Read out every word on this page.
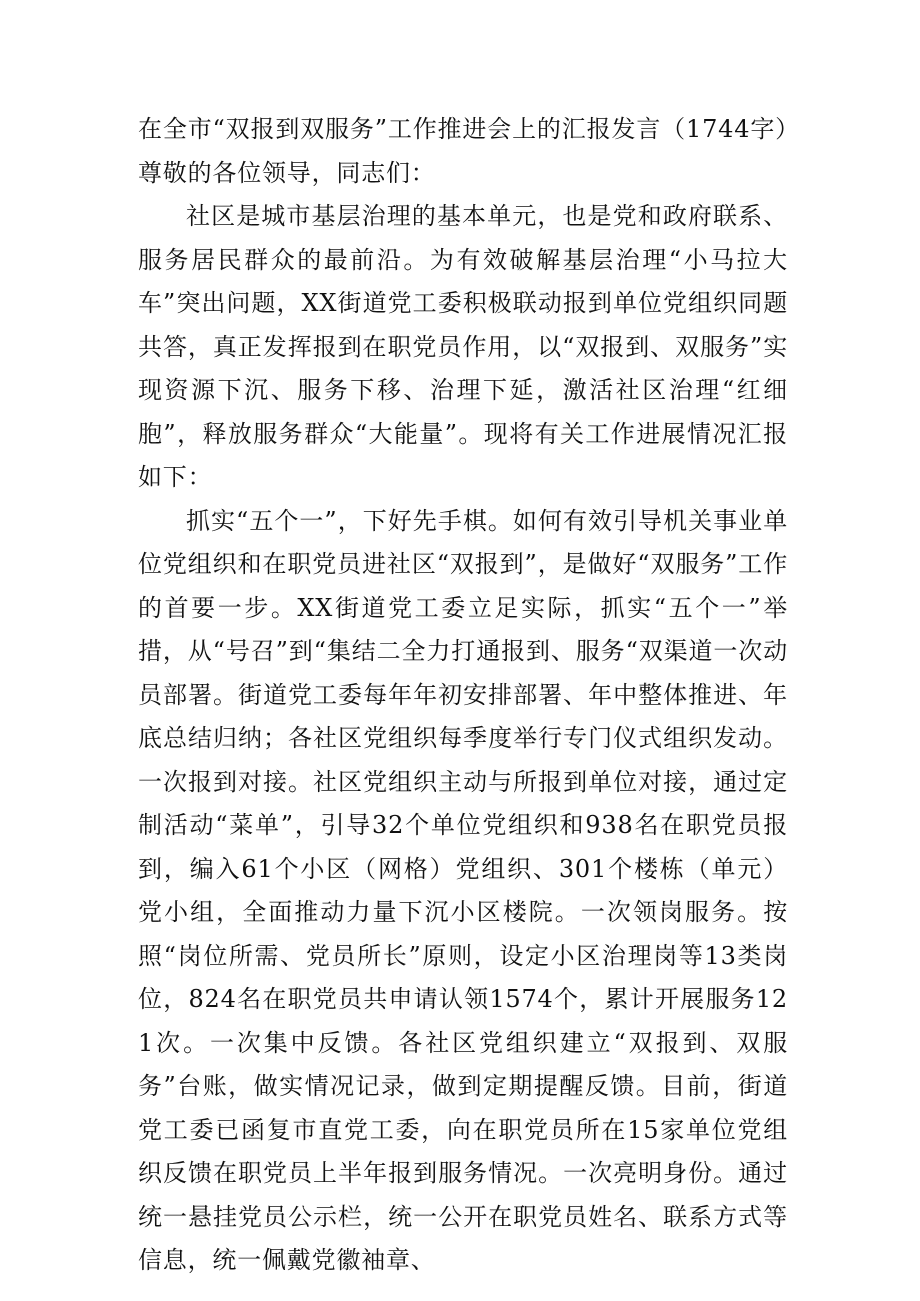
在全市“双报到双服务”工作推进会上的汇报发言（1744字）尊敬的各位领导，同志们：

社区是城市基层治理的基本单元，也是党和政府联系、服务居民群众的最前沿。为有效破解基层治理“小马拉大车”突出问题，XX街道党工委积极联动报到单位党组织同题共答，真正发挥报到在职党员作用，以“双报到、双服务”实现资源下沉、服务下移、治理下延，激活社区治理“红细胞”，释放服务群众“大能量”。现将有关工作进展情况汇报如下：

抓实“五个一”，下好先手棋。如何有效引导机关事业单位党组织和在职党员进社区“双报到”，是做好“双服务”工作的首要一步。XX街道党工委立足实际，抓实“五个一”举措，从“号召”到“集结二全力打通报到、服务“双渠道一次动员部署。街道党工委每年年初安排部署、年中整体推进、年底总结归纳；各社区党组织每季度举行专门仪式组织发动。一次报到对接。社区党组织主动与所报到单位对接，通过定制活动“菜单”，引导32个单位党组织和938名在职党员报到，编入61个小区（网格）党组织、301个楼栋（单元）党小组，全面推动力量下沉小区楼院。一次领岗服务。按照“岗位所需、党员所长”原则，设定小区治理岗等13类岗位，824名在职党员共申请认领1574个，累计开展服务121次。一次集中反馈。各社区党组织建立“双报到、双服务”台账，做实情况记录，做到定期提醒反馈。目前，街道党工委已函复市直党工委，向在职党员所在15家单位党组织反馈在职党员上半年报到服务情况。一次亮明身份。通过统一悬挂党员公示栏，统一公开在职党员姓名、联系方式等信息，统一佩戴党徽袖章、
